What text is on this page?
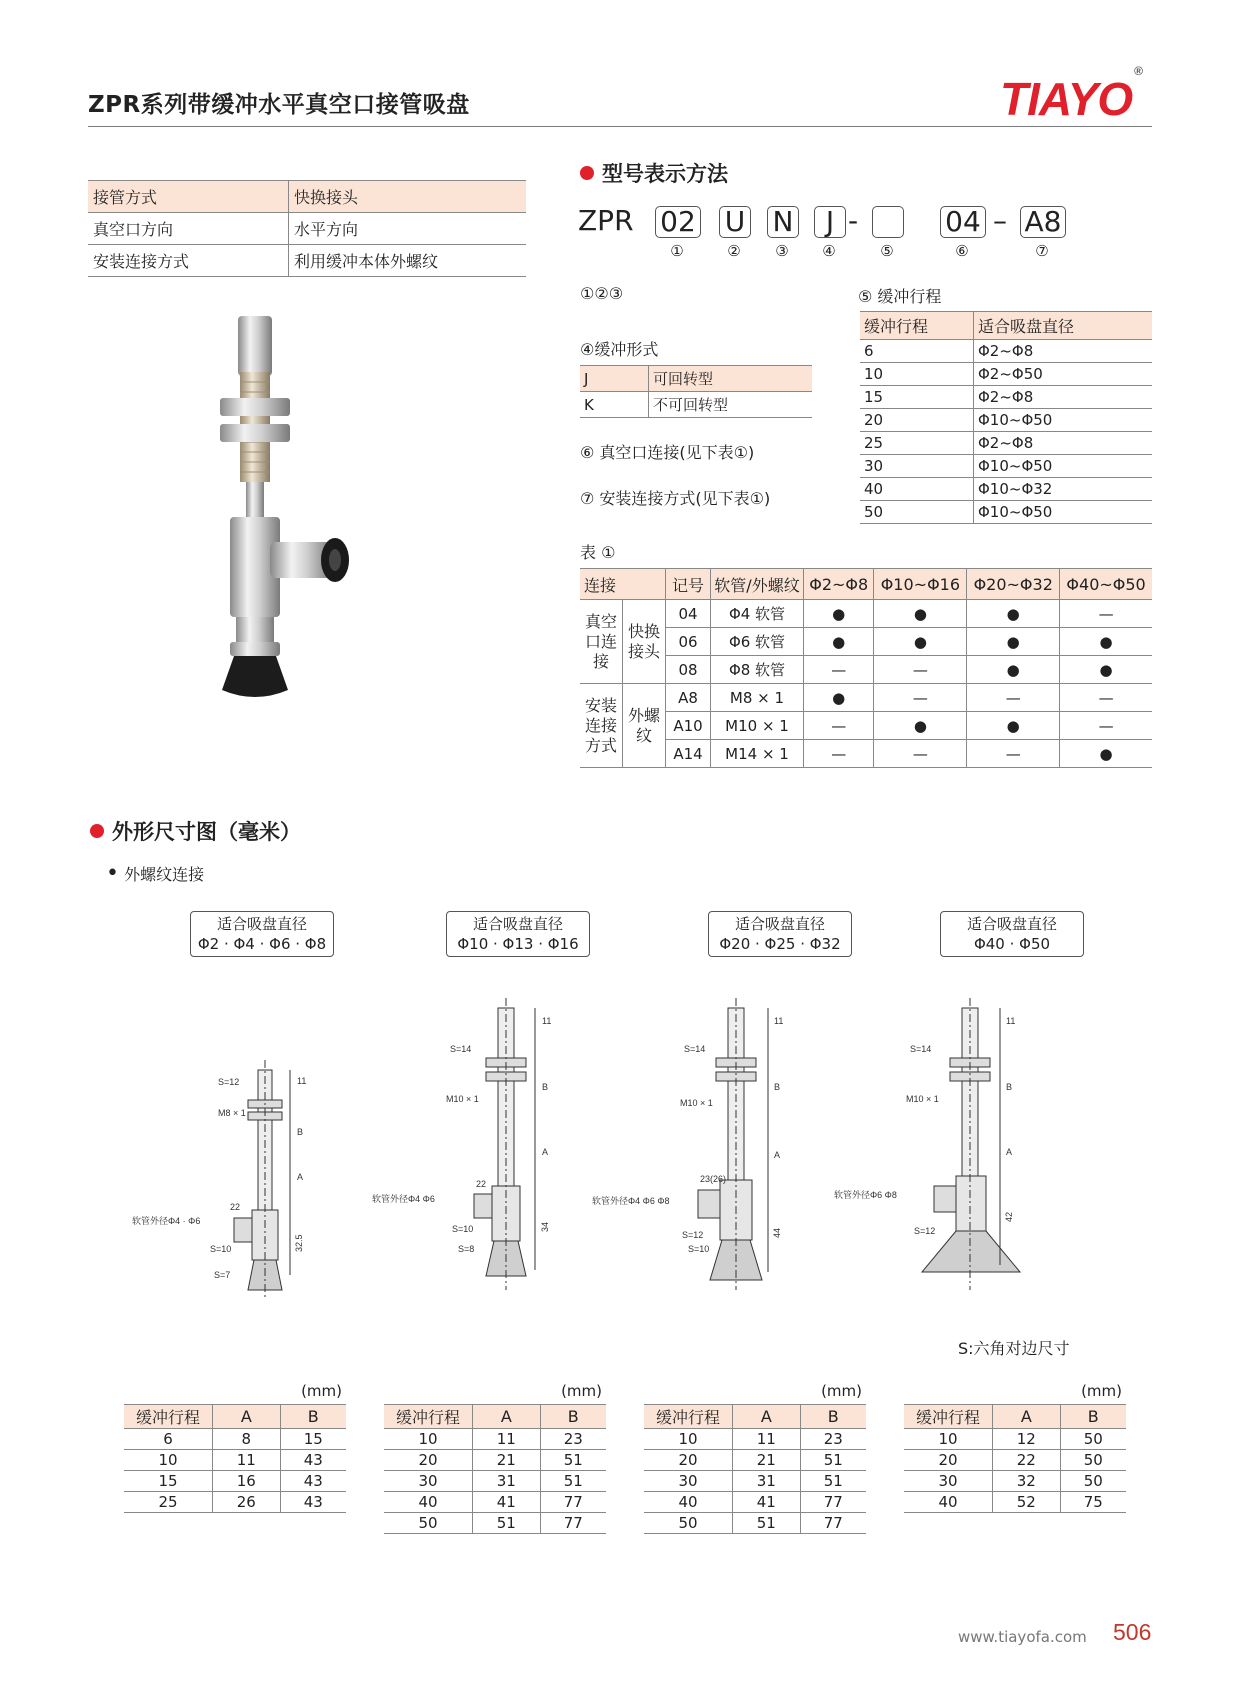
ZPR系列带缓冲水平真空口接管吸盘	TIAYO®
接管方式	快换接头
真空口方向	水平方向
安装连接方式	利用缓冲本体外螺纹
型号表示方法
ZPR 02 U N	J -	04 – A8
①	② ③ ④	⑤	⑥	⑦
①②③
④缓冲形式
⑤ 缓冲行程
⑥ 真空口连接(见下表①)
⑦ 安装连接方式(见下表①)
J	可回转型
K	不可回转型
缓冲行程	适合吸盘直径
6	Φ2~Φ8
10	Φ2~Φ50
15	Φ2~Φ8
20	Φ10~Φ50
25	Φ2~Φ8
30	Φ10~Φ50
40	Φ10~Φ32
50	Φ10~Φ50
表 ①
连接		记号	软管/外螺纹	Φ2~Φ8	Φ10~Φ16	Φ20~Φ32	Φ40~Φ50
真空口连接	快换接头	04	Φ4 软管	●	●	●	—
		06	Φ6 软管	●	●	●	●
		08	Φ8 软管	—	—	●	●
安装连接方式	外螺纹	A8	M8 × 1	●	—	—	—
		A10	M10 × 1	—	●	●	—
		A14	M14 × 1	—	—	—	●
外形尺寸图（毫米）
• 外螺纹连接
适合吸盘直径
Φ2 · Φ4 · Φ6 · Φ8
适合吸盘直径
Φ10 · Φ13 · Φ16
适合吸盘直径
Φ20 · Φ25 · Φ32
适合吸盘直径
Φ40 · Φ50
S=12
M8 × 1
软管外径Φ4 · Φ6
22
S=10
S=7
32.5
A
B
11
S=14
M10 × 1
软管外径Φ4 Φ6
22
S=10
S=8
34
A
B
11
S=14
M10 × 1
软管外径Φ4 Φ6 Φ8
23(26)
S=12
S=10
44
A
B
11
S=14
M10 × 1
软管外径Φ6 Φ8
S=12
42
A
B
11
S:六角对边尺寸
(mm)
缓冲行程	A	B
6	8	15
10	11	43
15	16	43
25	26	43
(mm)
缓冲行程	A	B
10	11	23
20	21	51
30	31	51
40	41	77
50	51	77
(mm)
缓冲行程	A	B
10	11	23
20	21	51
30	31	51
40	41	77
50	51	77
(mm)
缓冲行程	A	B
10	12	50
20	22	50
30	32	50
40	52	75
www.tiayofa.com 506
